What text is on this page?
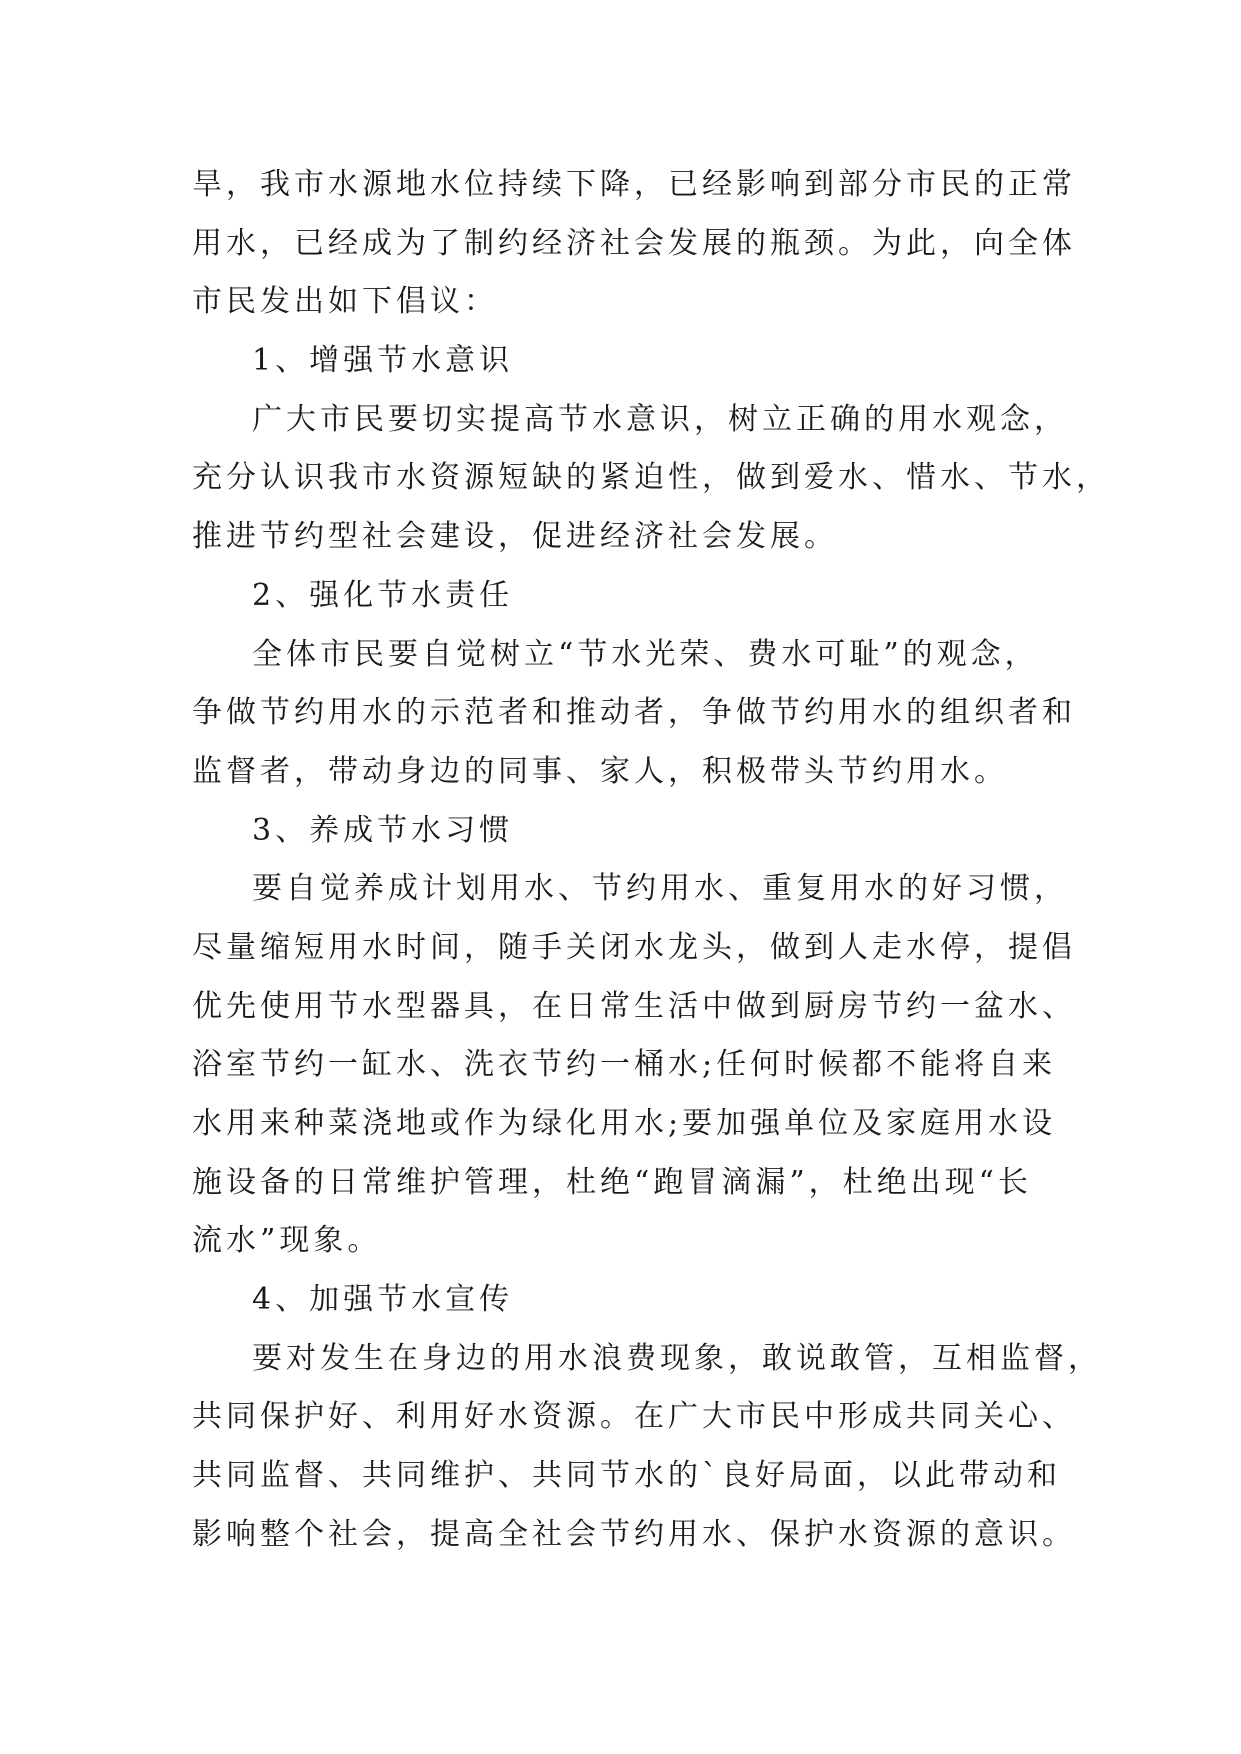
旱，我市水源地水位持续下降，已经影响到部分市民的正常
用水，已经成为了制约经济社会发展的瓶颈。为此，向全体
市民发出如下倡议：
1、增强节水意识
广大市民要切实提高节水意识，树立正确的用水观念，
充分认识我市水资源短缺的紧迫性，做到爱水、惜水、节水，
推进节约型社会建设，促进经济社会发展。
2、强化节水责任
全体市民要自觉树立“节水光荣、费水可耻”的观念，
争做节约用水的示范者和推动者，争做节约用水的组织者和
监督者，带动身边的同事、家人，积极带头节约用水。
3、养成节水习惯
要自觉养成计划用水、节约用水、重复用水的好习惯，
尽量缩短用水时间，随手关闭水龙头，做到人走水停，提倡
优先使用节水型器具，在日常生活中做到厨房节约一盆水、
浴室节约一缸水、洗衣节约一桶水;任何时候都不能将自来
水用来种菜浇地或作为绿化用水;要加强单位及家庭用水设
施设备的日常维护管理，杜绝“跑冒滴漏”，杜绝出现“长
流水”现象。
4、加强节水宣传
要对发生在身边的用水浪费现象，敢说敢管，互相监督，
共同保护好、利用好水资源。在广大市民中形成共同关心、
共同监督、共同维护、共同节水的`良好局面，以此带动和
影响整个社会，提高全社会节约用水、保护水资源的意识。
